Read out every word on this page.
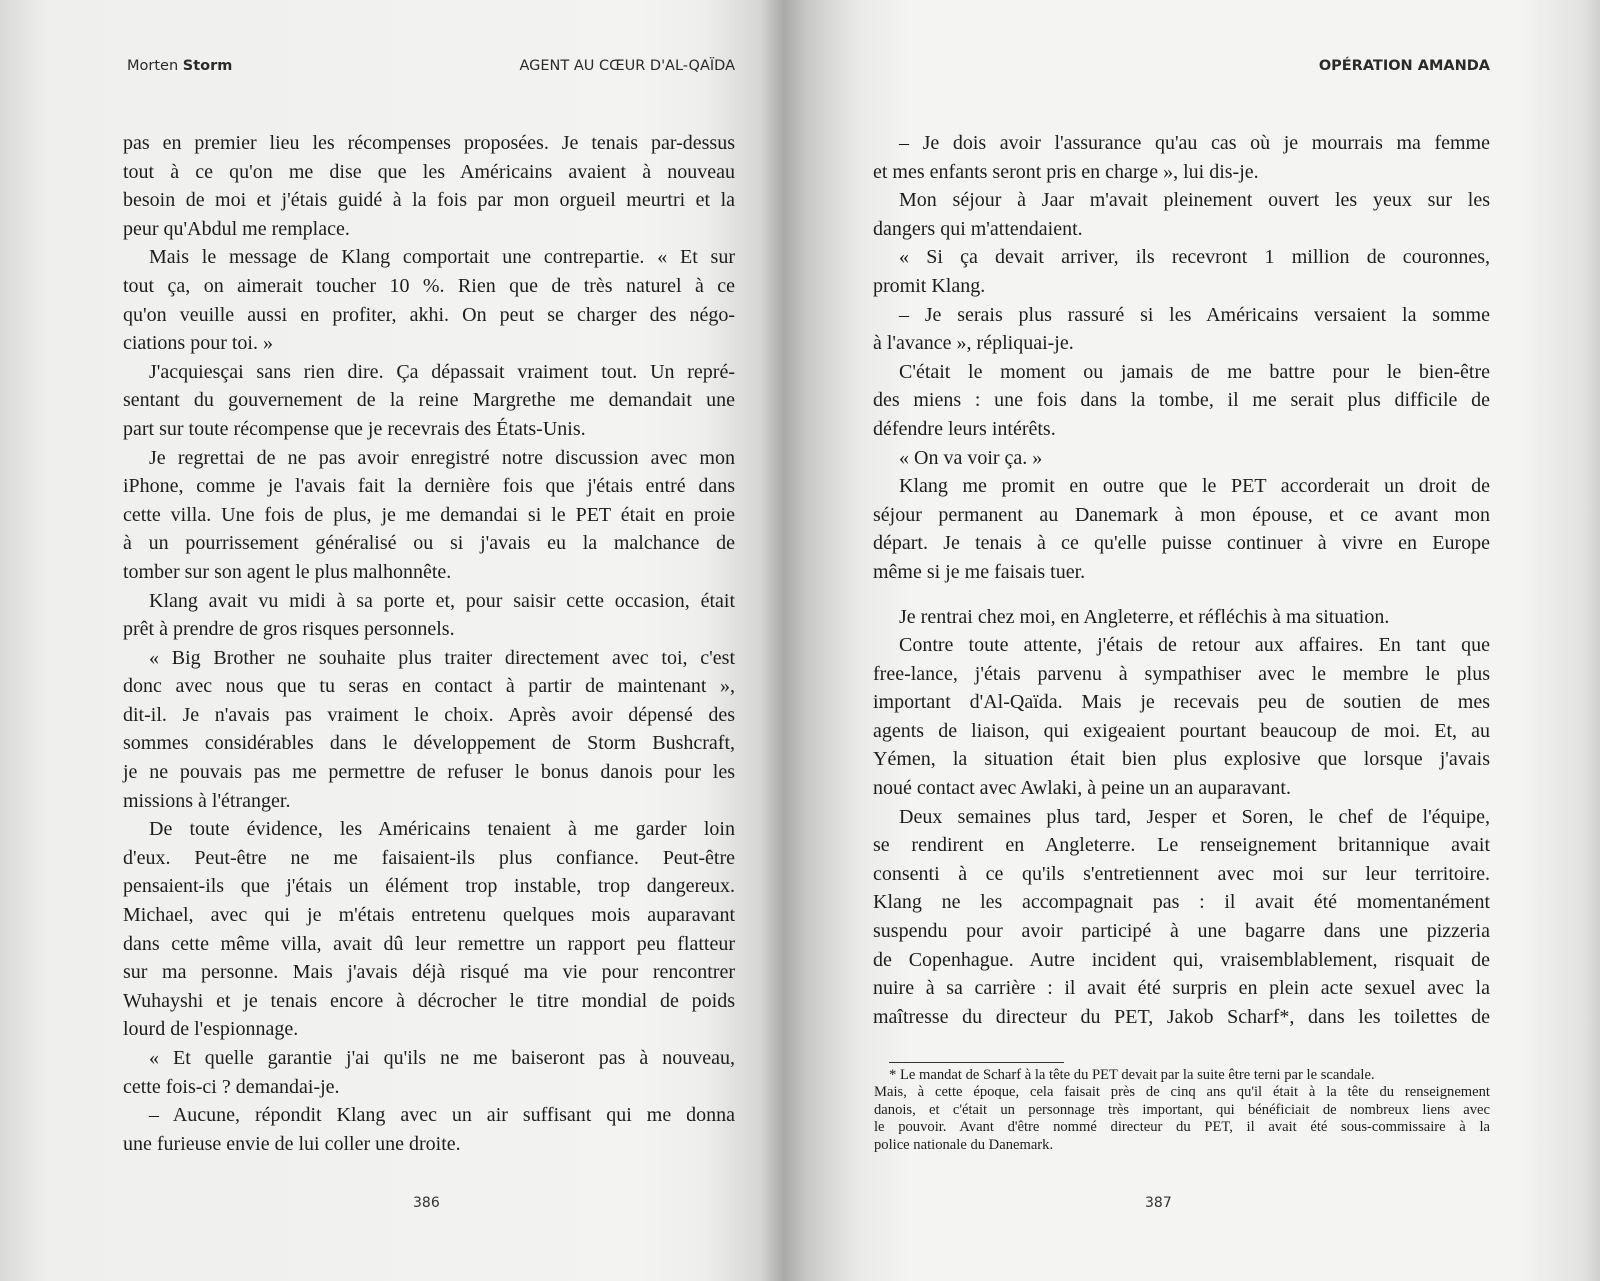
Morten Storm	AGENT AU CŒUR D'AL-QAÏDA
pas en premier lieu les récompenses proposées. Je tenais par-dessus
tout à ce qu'on me dise que les Américains avaient à nouveau
besoin de moi et j'étais guidé à la fois par mon orgueil meurtri et la
peur qu'Abdul me remplace.
Mais le message de Klang comportait une contrepartie. « Et sur
tout ça, on aimerait toucher 10 %. Rien que de très naturel à ce
qu'on veuille aussi en profiter, akhi. On peut se charger des négo-
ciations pour toi. »
J'acquiesçai sans rien dire. Ça dépassait vraiment tout. Un repré-
sentant du gouvernement de la reine Margrethe me demandait une
part sur toute récompense que je recevrais des États-Unis.
Je regrettai de ne pas avoir enregistré notre discussion avec mon
iPhone, comme je l'avais fait la dernière fois que j'étais entré dans
cette villa. Une fois de plus, je me demandai si le PET était en proie
à un pourrissement généralisé ou si j'avais eu la malchance de
tomber sur son agent le plus malhonnête.
Klang avait vu midi à sa porte et, pour saisir cette occasion, était
prêt à prendre de gros risques personnels.
« Big Brother ne souhaite plus traiter directement avec toi, c'est
donc avec nous que tu seras en contact à partir de maintenant »,
dit-il. Je n'avais pas vraiment le choix. Après avoir dépensé des
sommes considérables dans le développement de Storm Bushcraft,
je ne pouvais pas me permettre de refuser le bonus danois pour les
missions à l'étranger.
De toute évidence, les Américains tenaient à me garder loin
d'eux. Peut-être ne me faisaient-ils plus confiance. Peut-être
pensaient-ils que j'étais un élément trop instable, trop dangereux.
Michael, avec qui je m'étais entretenu quelques mois auparavant
dans cette même villa, avait dû leur remettre un rapport peu flatteur
sur ma personne. Mais j'avais déjà risqué ma vie pour rencontrer
Wuhayshi et je tenais encore à décrocher le titre mondial de poids
lourd de l'espionnage.
« Et quelle garantie j'ai qu'ils ne me baiseront pas à nouveau,
cette fois-ci ? demandai-je.
– Aucune, répondit Klang avec un air suffisant qui me donna
une furieuse envie de lui coller une droite.
386
OPÉRATION AMANDA
– Je dois avoir l'assurance qu'au cas où je mourrais ma femme
et mes enfants seront pris en charge », lui dis-je.
Mon séjour à Jaar m'avait pleinement ouvert les yeux sur les
dangers qui m'attendaient.
« Si ça devait arriver, ils recevront 1 million de couronnes,
promit Klang.
– Je serais plus rassuré si les Américains versaient la somme
à l'avance », répliquai-je.
C'était le moment ou jamais de me battre pour le bien-être
des miens : une fois dans la tombe, il me serait plus difficile de
défendre leurs intérêts.
« On va voir ça. »
Klang me promit en outre que le PET accorderait un droit de
séjour permanent au Danemark à mon épouse, et ce avant mon
départ. Je tenais à ce qu'elle puisse continuer à vivre en Europe
même si je me faisais tuer.
Je rentrai chez moi, en Angleterre, et réfléchis à ma situation.
Contre toute attente, j'étais de retour aux affaires. En tant que
free-lance, j'étais parvenu à sympathiser avec le membre le plus
important d'Al-Qaïda. Mais je recevais peu de soutien de mes
agents de liaison, qui exigeaient pourtant beaucoup de moi. Et, au
Yémen, la situation était bien plus explosive que lorsque j'avais
noué contact avec Awlaki, à peine un an auparavant.
Deux semaines plus tard, Jesper et Soren, le chef de l'équipe,
se rendirent en Angleterre. Le renseignement britannique avait
consenti à ce qu'ils s'entretiennent avec moi sur leur territoire.
Klang ne les accompagnait pas : il avait été momentanément
suspendu pour avoir participé à une bagarre dans une pizzeria
de Copenhague. Autre incident qui, vraisemblablement, risquait de
nuire à sa carrière : il avait été surpris en plein acte sexuel avec la
maîtresse du directeur du PET, Jakob Scharf*, dans les toilettes de
387
* Le mandat de Scharf à la tête du PET devait par la suite être terni par le scandale.
Mais, à cette époque, cela faisait près de cinq ans qu'il était à la tête du renseignement
danois, et c'était un personnage très important, qui bénéficiait de nombreux liens avec
le pouvoir. Avant d'être nommé directeur du PET, il avait été sous-commissaire à la
police nationale du Danemark.
